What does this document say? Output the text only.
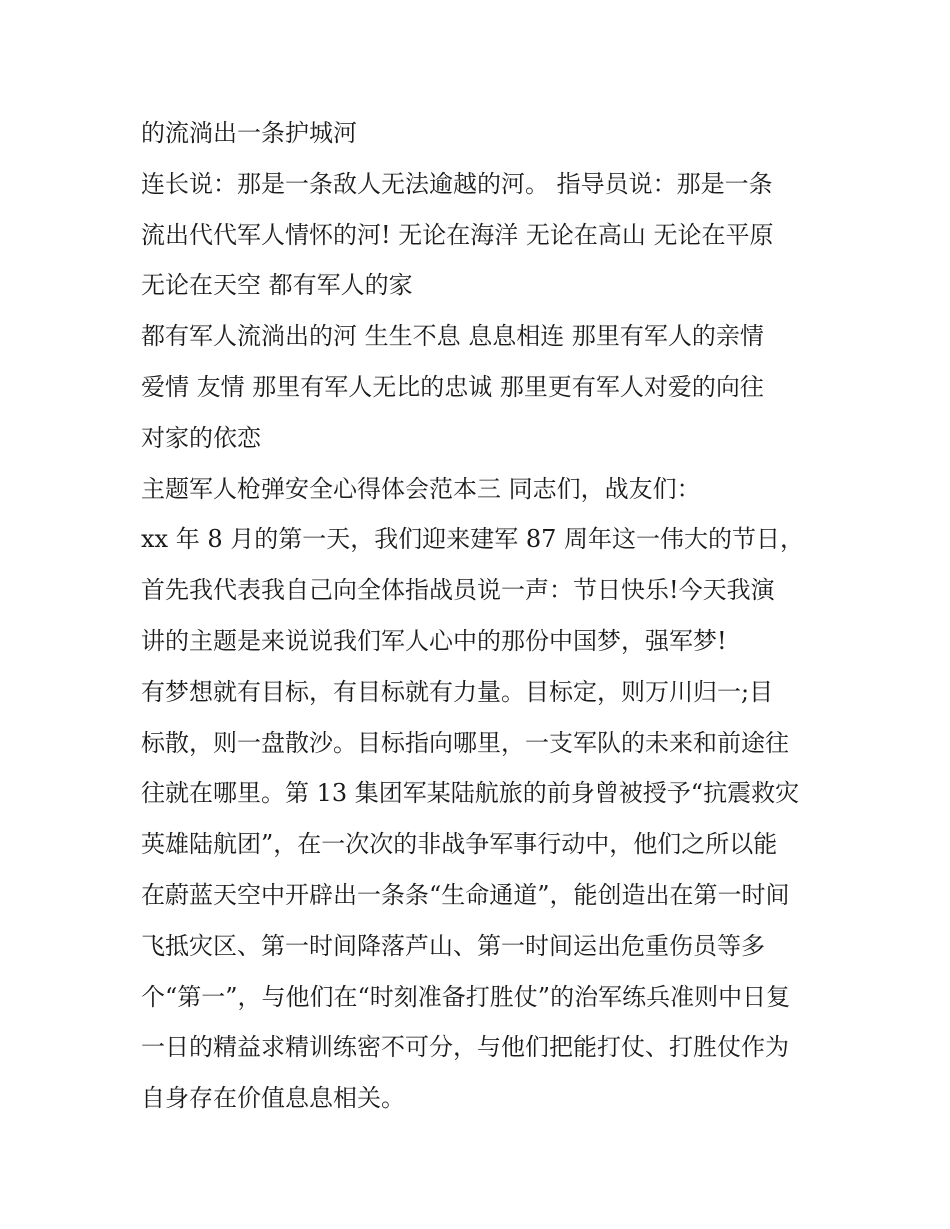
的流淌出一条护城河

连长说：那是一条敌人无法逾越的河。 指导员说：那是一条

流出代代军人情怀的河! 无论在海洋 无论在高山 无论在平原

无论在天空 都有军人的家

都有军人流淌出的河 生生不息 息息相连 那里有军人的亲情

爱情 友情 那里有军人无比的忠诚 那里更有军人对爱的向往

对家的依恋

主题军人枪弹安全心得体会范本三 同志们，战友们：

xx 年 8 月的第一天，我们迎来建军 87 周年这一伟大的节日，

首先我代表我自己向全体指战员说一声：节日快乐!今天我演

讲的主题是来说说我们军人心中的那份中国梦，强军梦!

有梦想就有目标，有目标就有力量。目标定，则万川归一;目

标散，则一盘散沙。目标指向哪里，一支军队的未来和前途往

往就在哪里。第 13 集团军某陆航旅的前身曾被授予“抗震救灾

英雄陆航团”，在一次次的非战争军事行动中，他们之所以能

在蔚蓝天空中开辟出一条条“生命通道”，能创造出在第一时间

飞抵灾区、第一时间降落芦山、第一时间运出危重伤员等多

个“第一”，与他们在“时刻准备打胜仗”的治军练兵准则中日复

一日的精益求精训练密不可分，与他们把能打仗、打胜仗作为

自身存在价值息息相关。
